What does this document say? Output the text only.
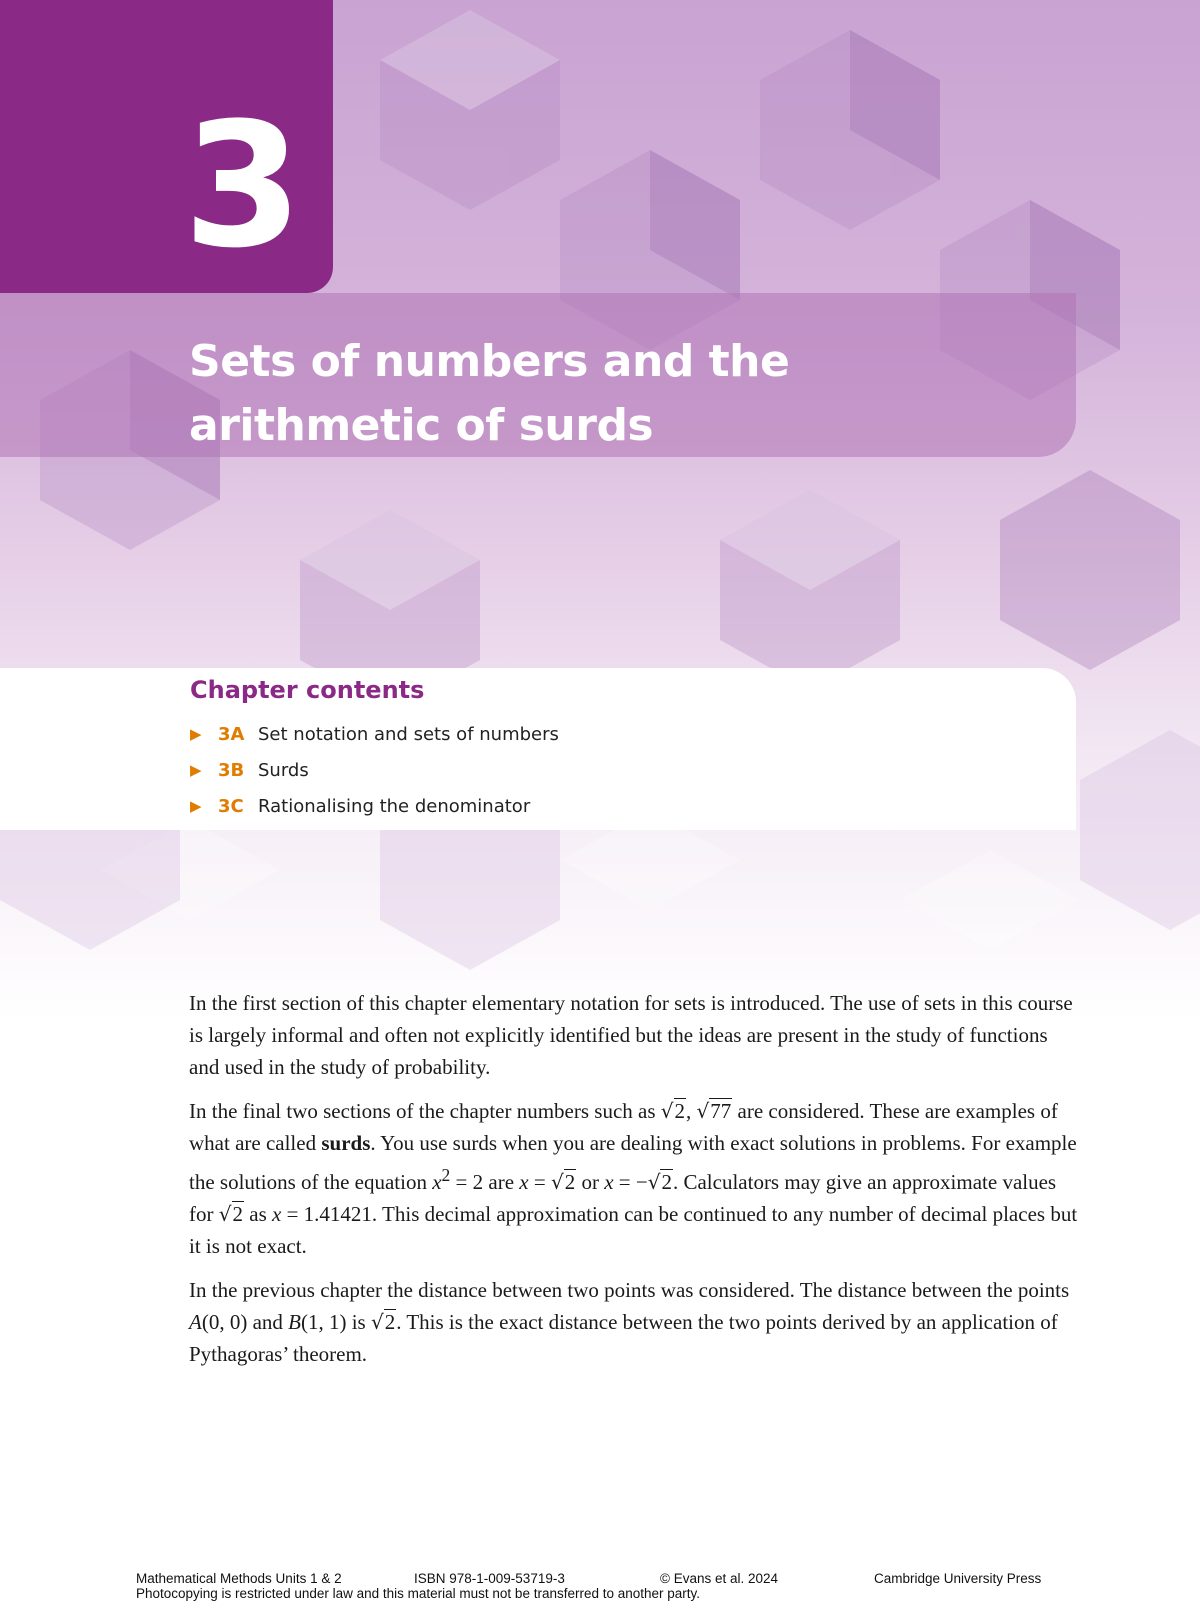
3
Sets of numbers and the arithmetic of surds
Chapter contents
▶ 3A Set notation and sets of numbers
▶ 3B Surds
▶ 3C Rationalising the denominator

In the first section of this chapter elementary notation for sets is introduced. The use of sets in this course is largely informal and often not explicitly identified but the ideas are present in the study of functions and used in the study of probability.

In the final two sections of the chapter numbers such as √2, √77 are considered. These are examples of what are called surds. You use surds when you are dealing with exact solutions in problems. For example the solutions of the equation $x^2 = 2$ are x = √2 or x = −√2. Calculators may give an approximate values for √2 as x = 1.41421. This decimal approximation can be continued to any number of decimal places but it is not exact.

In the previous chapter the distance between two points was considered. The distance between the points A(0, 0) and B(1, 1) is √2. This is the exact distance between the two points derived by an application of Pythagoras’ theorem.

Mathematical Methods Units 1 & 2	ISBN 978-1-009-53719-3	© Evans et al. 2024	Cambridge University Press
Photocopying is restricted under law and this material must not be transferred to another party.
